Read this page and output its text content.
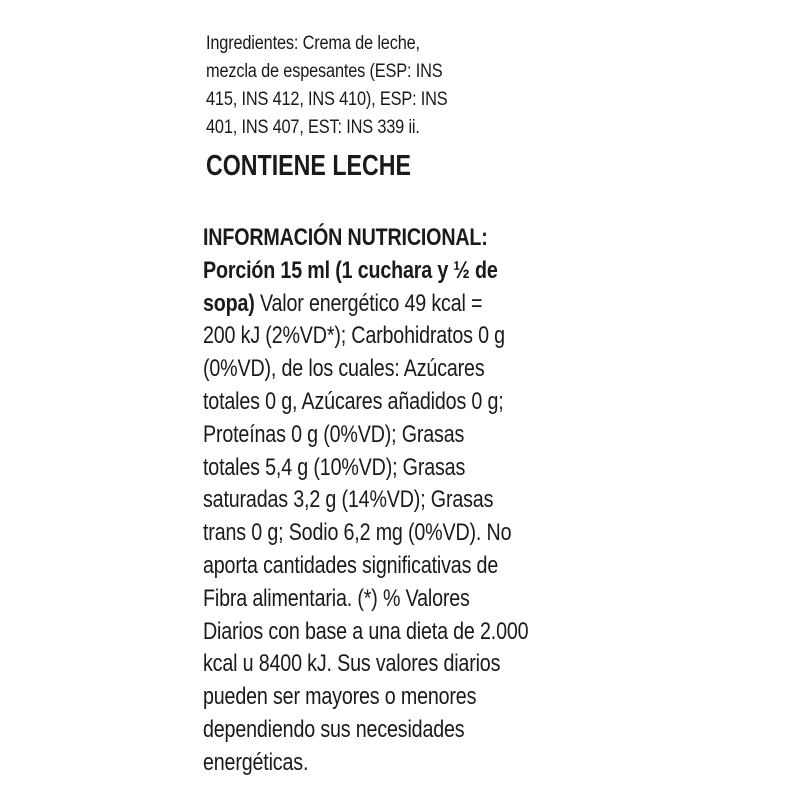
Ingredientes: Crema de leche,
mezcla de espesantes (ESP: INS
415, INS 412, INS 410), ESP: INS
401, INS 407, EST: INS 339 ii.
CONTIENE LECHE
INFORMACIÓN NUTRICIONAL:
Porción 15 ml (1 cuchara y ½ de
sopa) Valor energético 49 kcal =
200 kJ (2%VD*); Carbohidratos 0 g
(0%VD), de los cuales: Azúcares
totales 0 g, Azúcares añadidos 0 g;
Proteínas 0 g (0%VD); Grasas
totales 5,4 g (10%VD); Grasas
saturadas 3,2 g (14%VD); Grasas
trans 0 g; Sodio 6,2 mg (0%VD). No
aporta cantidades significativas de
Fibra alimentaria. (*) % Valores
Diarios con base a una dieta de 2.000
kcal u 8400 kJ. Sus valores diarios
pueden ser mayores o menores
dependiendo sus necesidades
energéticas.
